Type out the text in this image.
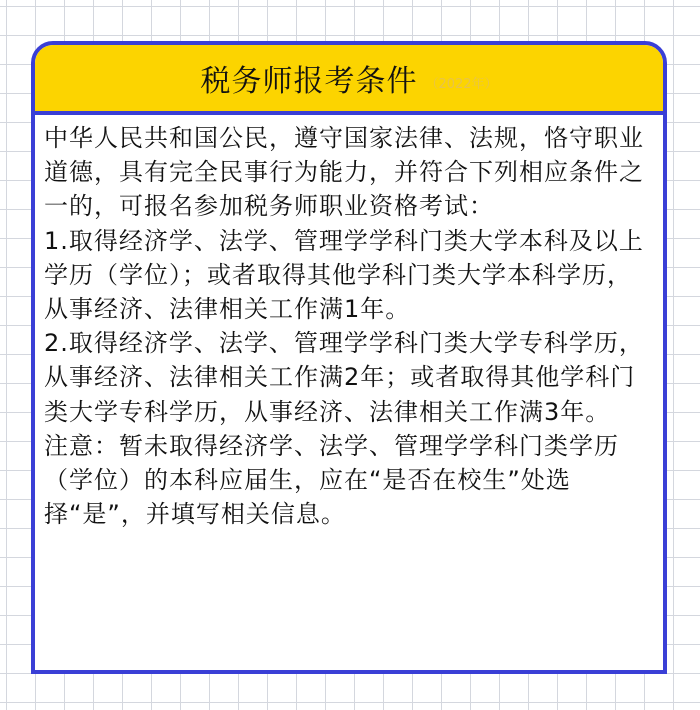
税务师报考条件 （2022年）

中华人民共和国公民，遵守国家法律、法规，恪守职业道德，具有完全民事行为能力，并符合下列相应条件之一的，可报名参加税务师职业资格考试：

1.取得经济学、法学、管理学学科门类大学本科及以上学历（学位）；或者取得其他学科门类大学本科学历，从事经济、法律相关工作满1年。

2.取得经济学、法学、管理学学科门类大学专科学历，从事经济、法律相关工作满2年；或者取得其他学科门类大学专科学历，从事经济、法律相关工作满3年。

注意：暂未取得经济学、法学、管理学学科门类学历（学位）的本科应届生，应在“是否在校生”处选择“是”，并填写相关信息。
